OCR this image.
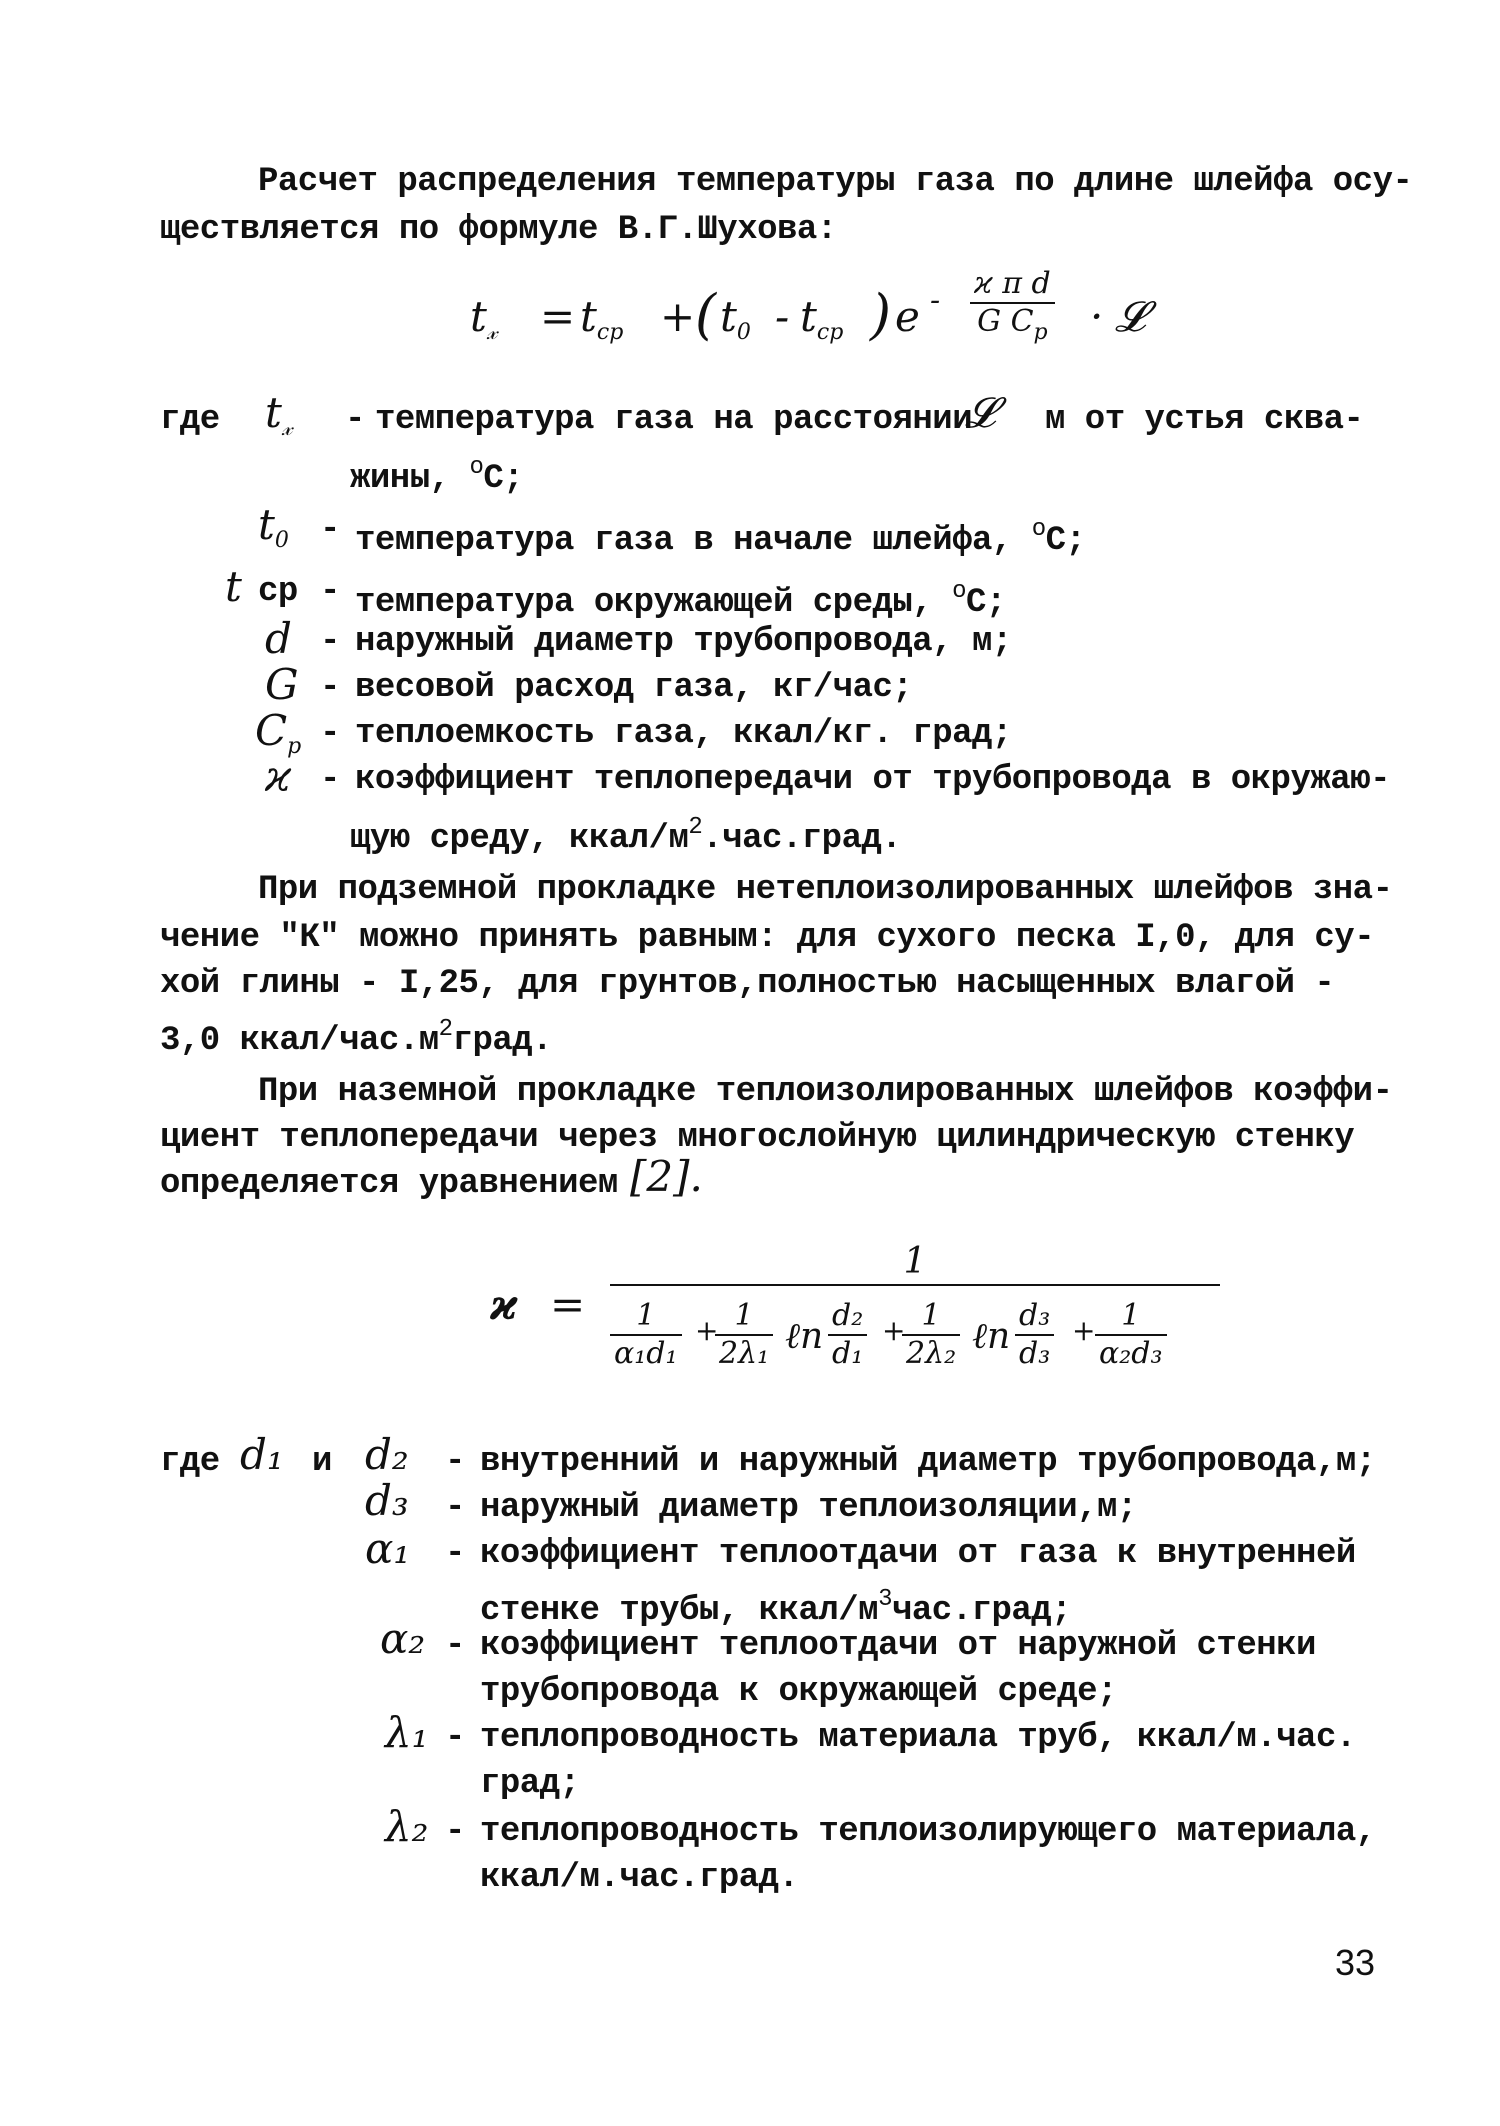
Расчет распределения температуры газа по длине шлейфа осу-
ществляется по формуле В.Г.Шухова:
$t_𝓍 = t_{cp}$ + ( $t_0 - t_{cp}$ ) e - $\frac{\text{ϰ π d}}{G C_p}$ · 𝓛
где $t_𝓍$ - температура газа на расстоянии
𝓛 м от устья сква-
жины, $^о$С;
$t_0$ - температура газа в начале шлейфа, $^о$С;
t ср - температура окружающей среды, $^о$С;
d - наружный диаметр трубопровода, м;
G - весовой расход газа, кг/час;
$C_p$ - теплоемкость газа, ккал/кг. град;
ϰ - коэффициент теплопередачи от трубопровода в окружаю-
щую среду, ккал/$м^2.час.град$.
При подземной прокладке нетеплоизолированных шлейфов зна-
чение "К" можно принять равным: для сухого песка I,0, для су-
хой глины - I,25, для грунтов,полностью насыщенных влагой -
3,0 ккал/$час.м^2град$.
При наземной прокладке теплоизолированных шлейфов коэффи-
циент теплопередачи через многослойную цилиндрическую стенку
определяется уравнением [2].
ϰ =
1
$\frac{1}{\text{α₁d₁}}$ +
$\frac{1}{\text{2λ₁}}$ ℓn $\frac{\text{d₂}}{\text{d₁}}$ +
$\frac{1}{\text{2λ₂}}$ ℓn $\frac{\text{d₃}}{\text{d₃}} + \frac{1}{\text{α₂d₃}}$
где d₁ и d₂ - внутренний и наружный диаметр трубопровода,м;
d₃ - наружный диаметр теплоизоляции,м;
α₁ - коэффициент теплоотдачи от газа к внутренней
стенке трубы, ккал/$м^3час.град$;
α₂ - коэффициент теплоотдачи от наружной стенки
трубопровода к окружающей среде;
λ₁ - теплопроводность материала труб, ккал/м.час.
град;
λ₂ - теплопроводность теплоизолирующего материала,
ккал/м.час.град.
33
